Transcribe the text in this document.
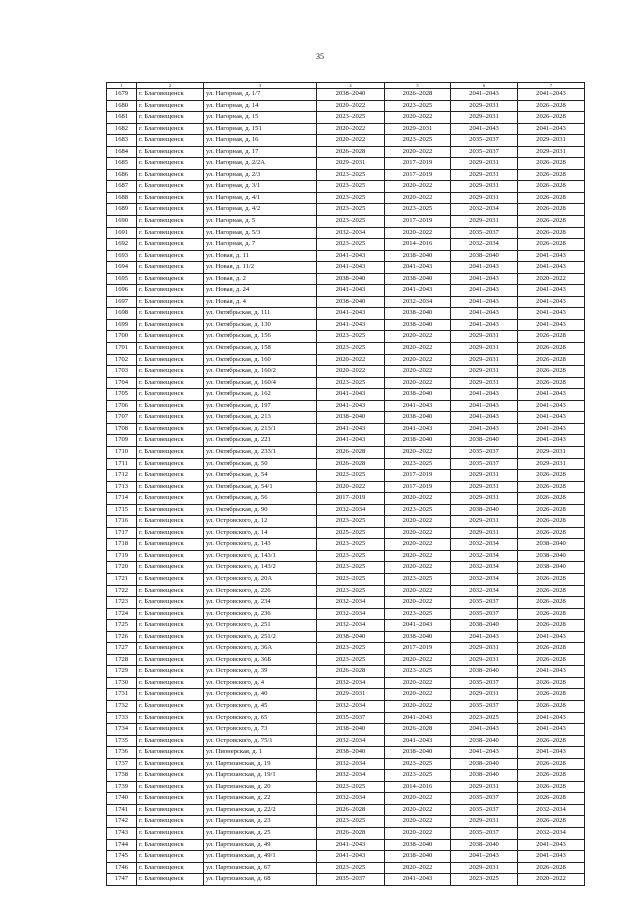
35
1	2	3	4	5	6	7
1679	г. Благовещенск	ул. Нагорная, д. 1/7	2038–2040	2026–2028	2041–2043	2041–2043
1680	г. Благовещенск	ул. Нагорная, д. 14	2020–2022	2023–2025	2029–2031	2026–2028
1681	г. Благовещенск	ул. Нагорная, д. 15	2023–2025	2020–2022	2029–2031	2026–2028
1682	г. Благовещенск	ул. Нагорная, д. 151	2020–2022	2029–2031	2041–2043	2041–2043
1683	г. Благовещенск	ул. Нагорная, д. 16	2020–2022	2023–2025	2035–2037	2029–2031
1684	г. Благовещенск	ул. Нагорная, д. 17	2026–2028	2020–2022	2035–2037	2029–2031
1685	г. Благовещенск	ул. Нагорная, д. 2/2А	2029–2031	2017–2019	2029–2031	2026–2028
1686	г. Благовещенск	ул. Нагорная, д. 2/3	2023–2025	2017–2019	2029–2031	2026–2028
1687	г. Благовещенск	ул. Нагорная, д. 3/1	2023–2025	2020–2022	2029–2031	2026–2028
1688	г. Благовещенск	ул. Нагорная, д. 4/1	2023–2025	2020–2022	2029–2031	2026–2028
1689	г. Благовещенск	ул. Нагорная, д. 4/2	2023–2025	2023–2025	2032–2034	2026–2028
1690	г. Благовещенск	ул. Нагорная, д. 5	2023–2025	2017–2019	2029–2031	2026–2028
1691	г. Благовещенск	ул. Нагорная, д. 5/3	2032–2034	2020–2022	2035–2037	2026–2028
1692	г. Благовещенск	ул. Нагорная, д. 7	2023–2025	2014–2016	2032–2034	2026–2028
1693	г. Благовещенск	ул. Новая, д. 11	2041–2043	2038–2040	2038–2040	2041–2043
1694	г. Благовещенск	ул. Новая, д. 11/2	2041–2043	2041–2043	2041–2043	2041–2043
1695	г. Благовещенск	ул. Новая, д. 2	2038–2040	2038–2040	2041–2043	2020–2022
1696	г. Благовещенск	ул. Новая, д. 24	2041–2043	2041–2043	2041–2043	2041–2043
1697	г. Благовещенск	ул. Новая, д. 4	2038–2040	2032–2034	2041–2043	2041–2043
1698	г. Благовещенск	ул. Октябрьская, д. 111	2041–2043	2038–2040	2041–2043	2041–2043
1699	г. Благовещенск	ул. Октябрьская, д. 130	2041–2043	2038–2040	2041–2043	2041–2043
1700	г. Благовещенск	ул. Октябрьская, д. 156	2023–2025	2020–2022	2029–2031	2026–2028
1701	г. Благовещенск	ул. Октябрьская, д. 158	2023–2025	2020–2022	2029–2031	2026–2028
1702	г. Благовещенск	ул. Октябрьская, д. 160	2020–2022	2020–2022	2029–2031	2026–2028
1703	г. Благовещенск	ул. Октябрьская, д. 160/2	2020–2022	2020–2022	2029–2031	2026–2028
1704	г. Благовещенск	ул. Октябрьская, д. 160/4	2023–2025	2020–2022	2029–2031	2026–2028
1705	г. Благовещенск	ул. Октябрьская, д. 162	2041–2043	2038–2040	2041–2043	2041–2043
1706	г. Благовещенск	ул. Октябрьская, д. 197	2041–2043	2041–2043	2041–2043	2041–2043
1707	г. Благовещенск	ул. Октябрьская, д. 213	2038–2040	2038–2040	2041–2043	2041–2043
1708	г. Благовещенск	ул. Октябрьская, д. 213/1	2041–2043	2041–2043	2041–2043	2041–2043
1709	г. Благовещенск	ул. Октябрьская, д. 221	2041–2043	2038–2040	2038–2040	2041–2043
1710	г. Благовещенск	ул. Октябрьская, д. 233/1	2026–2028	2020–2022	2035–2037	2029–2031
1711	г. Благовещенск	ул. Октябрьская, д. 50	2026–2028	2023–2025	2035–2037	2029–2031
1712	г. Благовещенск	ул. Октябрьская, д. 54	2023–2025	2017–2019	2029–2031	2026–2028
1713	г. Благовещенск	ул. Октябрьская, д. 54/1	2020–2022	2017–2019	2029–2031	2026–2028
1714	г. Благовещенск	ул. Октябрьская, д. 56	2017–2019	2020–2022	2029–2031	2026–2028
1715	г. Благовещенск	ул. Октябрьская, д. 90	2032–2034	2023–2025	2038–2040	2026–2028
1716	г. Благовещенск	ул. Островского, д. 12	2023–2025	2020–2022	2029–2031	2026–2028
1717	г. Благовещенск	ул. Островского, д. 14	2025–2025	2020–2022	2029–2031	2026–2028
1718	г. Благовещенск	ул. Островского, д. 143	2023–2025	2020–2022	2032–2034	2038–2040
1719	г. Благовещенск	ул. Островского, д. 143/1	2023–2025	2020–2022	2032–2034	2038–2040
1720	г. Благовещенск	ул. Островского, д. 143/2	2023–2025	2020–2022	2032–2034	2038–2040
1721	г. Благовещенск	ул. Островского, д. 20А	2023–2025	2023–2025	2032–2034	2026–2028
1722	г. Благовещенск	ул. Островского, д. 226	2023–2025	2020–2022	2032–2034	2026–2028
1723	г. Благовещенск	ул. Островского, д. 234	2032–2034	2020–2022	2035–2037	2026–2028
1724	г. Благовещенск	ул. Островского, д. 236	2032–2034	2023–2025	2035–2037	2026–2028
1725	г. Благовещенск	ул. Островского, д. 251	2032–2034	2041–2043	2038–2040	2026–2028
1726	г. Благовещенск	ул. Островского, д. 251/2	2038–2040	2038–2040	2041–2043	2041–2043
1727	г. Благовещенск	ул. Островского, д. 36А	2023–2025	2017–2019	2029–2031	2026–2028
1728	г. Благовещенск	ул. Островского, д. 36Б	2023–2025	2020–2022	2029–2031	2026–2028
1729	г. Благовещенск	ул. Островского, д. 39	2026–2028	2023–2025	2038–2040	2041–2043
1730	г. Благовещенск	ул. Островского, д. 4	2032–2034	2020–2022	2035–2037	2026–2028
1731	г. Благовещенск	ул. Островского, д. 40	2029–2031	2020–2022	2029–2031	2026–2028
1732	г. Благовещенск	ул. Островского, д. 45	2032–2034	2020–2022	2035–2037	2026–2028
1733	г. Благовещенск	ул. Островского, д. 65	2035–2037	2041–2043	2023–2025	2041–2043
1734	г. Благовещенск	ул. Островского, д. 73	2038–2040	2026–2028	2041–2043	2041–2043
1735	г. Благовещенск	ул. Островского, д. 75/1	2032–2034	2041–2043	2038–2040	2026–2028
1736	г. Благовещенск	ул. Пионерская, д. 1	2038–2040	2038–2040	2041–2043	2041–2043
1737	г. Благовещенск	ул. Партизанская, д. 19	2032–2034	2023–2025	2038–2040	2026–2028
1738	г. Благовещенск	ул. Партизанская, д. 19/1	2032–2034	2023–2025	2038–2040	2026–2028
1739	г. Благовещенск	ул. Партизанская, д. 20	2023–2025	2014–2016	2029–2031	2026–2028
1740	г. Благовещенск	ул. Партизанская, д. 22	2032–2034	2020–2022	2035–2037	2026–2028
1741	г. Благовещенск	ул. Партизанская, д. 22/2	2026–2028	2020–2022	2035–2037	2032–2034
1742	г. Благовещенск	ул. Партизанская, д. 23	2023–2025	2020–2022	2029–2031	2026–2028
1743	г. Благовещенск	ул. Партизанская, д. 25	2026–2028	2020–2022	2035–2037	2032–2034
1744	г. Благовещенск	ул. Партизанская, д. 49	2041–2043	2038–2040	2038–2040	2041–2043
1745	г. Благовещенск	ул. Партизанская, д. 49/1	2041–2043	2038–2040	2041–2043	2041–2043
1746	г. Благовещенск	ул. Партизанская, д. 67	2023–2025	2020–2022	2029–2031	2026–2028
1747	г. Благовещенск	ул. Партизанская, д. 68	2035–2037	2041–2043	2023–2025	2020–2022
